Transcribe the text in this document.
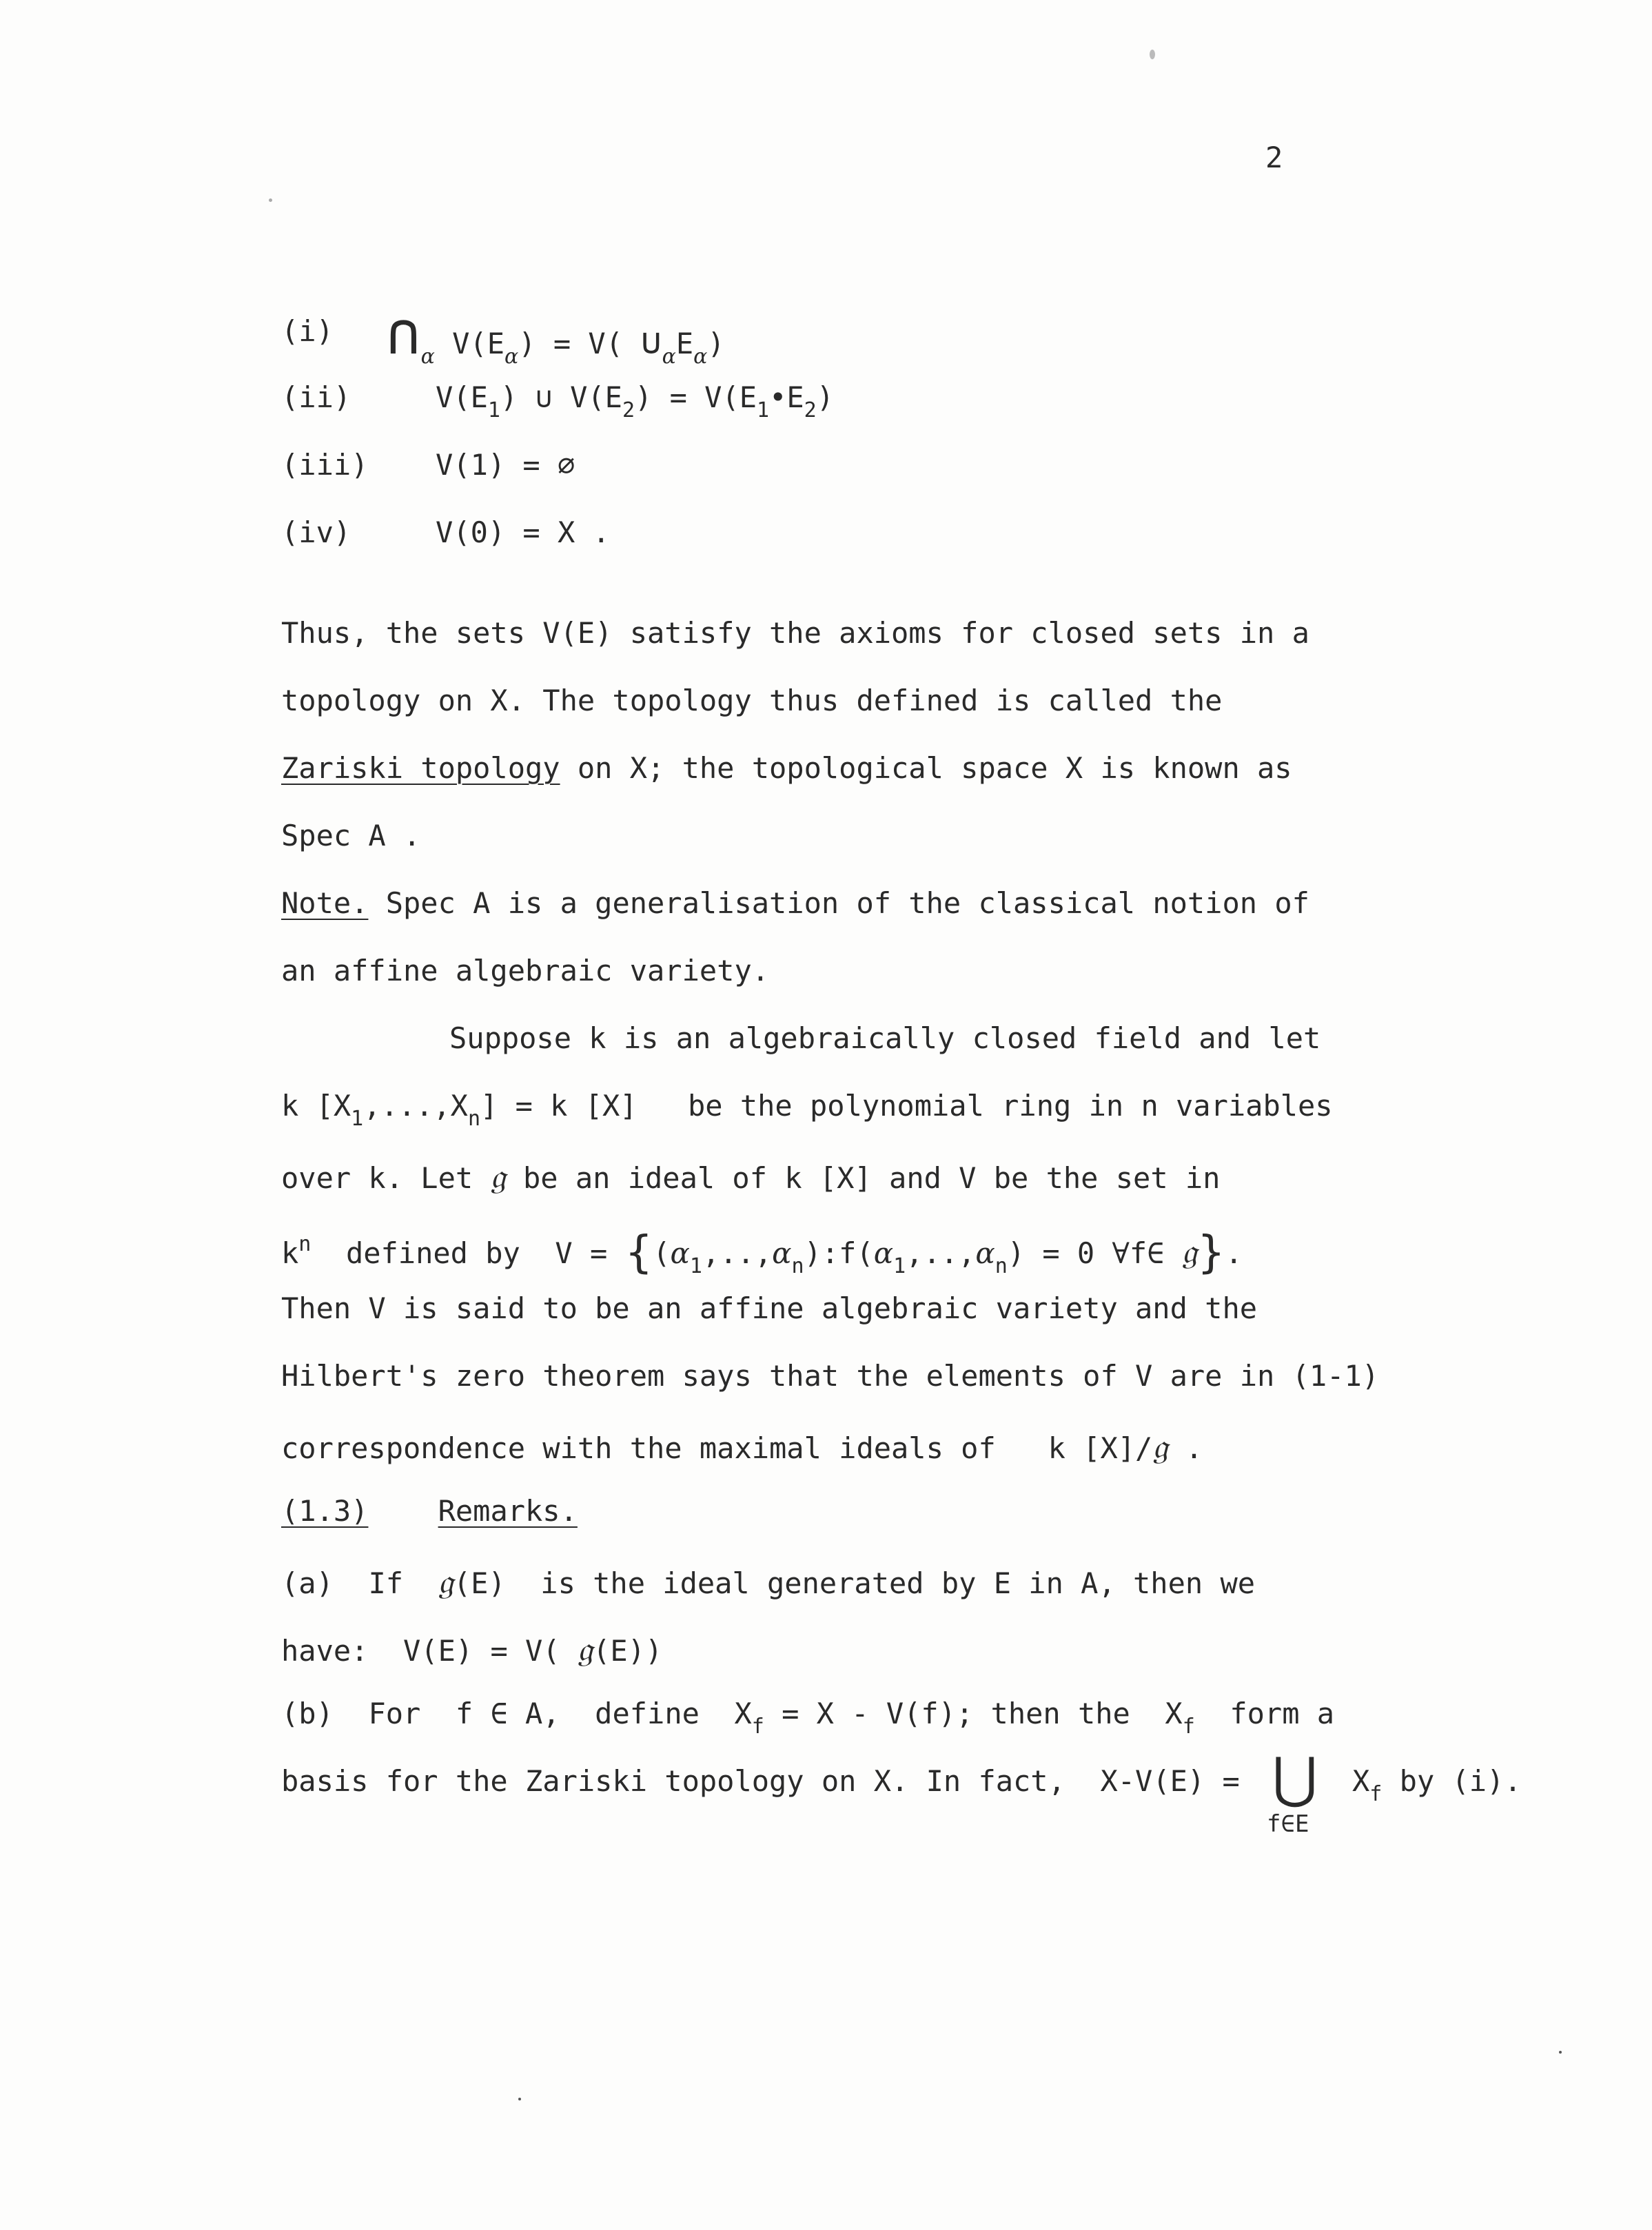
2
(i) $\cap_\alpha$ $V(E_\alpha) = V$( $\cup_\alpha E_\alpha$)
(ii)	$V(E_1)$ ∪ $V(E_2)$ = $V(E_1•E_2)$
(iii) V(1) = ∅
(iv)	V(0) = X .
Thus, the sets V(E) satisfy the axioms for closed sets in a
topology on X. The topology thus defined is called the
Zariski topology on X; the topological space X is known as
Spec A .
Note. Spec A is a generalisation of the classical notion of
an affine algebraic variety.
Suppose k is an algebraically closed field and let
k $[X_1,...,X_n] = k$ [X] be the polynomial ring in n variables
over k. Let 𝔤 be an ideal of k [X] and V be the set in
$k^n$ defined by  $V = \{(\alpha_1,..,\alpha_n):f(\alpha_1,..,\alpha_n) = 0$ ∀f∈ 𝔤}.
Then V is said to be an affine algebraic variety and the
Hilbert's zero theorem says that the elements of V are in (1-1)
correspondence with the maximal ideals of   k [X]/𝔤 .
(1.3) Remarks.
(a) If 𝔤(E)  is the ideal generated by E in A, then we
have:  V(E) = V( 𝔤(E))
(b) For  f ∈ A,  define  $X_f = X - V(f)$; then the  $X_f$ form a
basis for the Zariski topology on X. In fact,  X-V(E) = ⋃
f∈E
$X_f$ by (i).
